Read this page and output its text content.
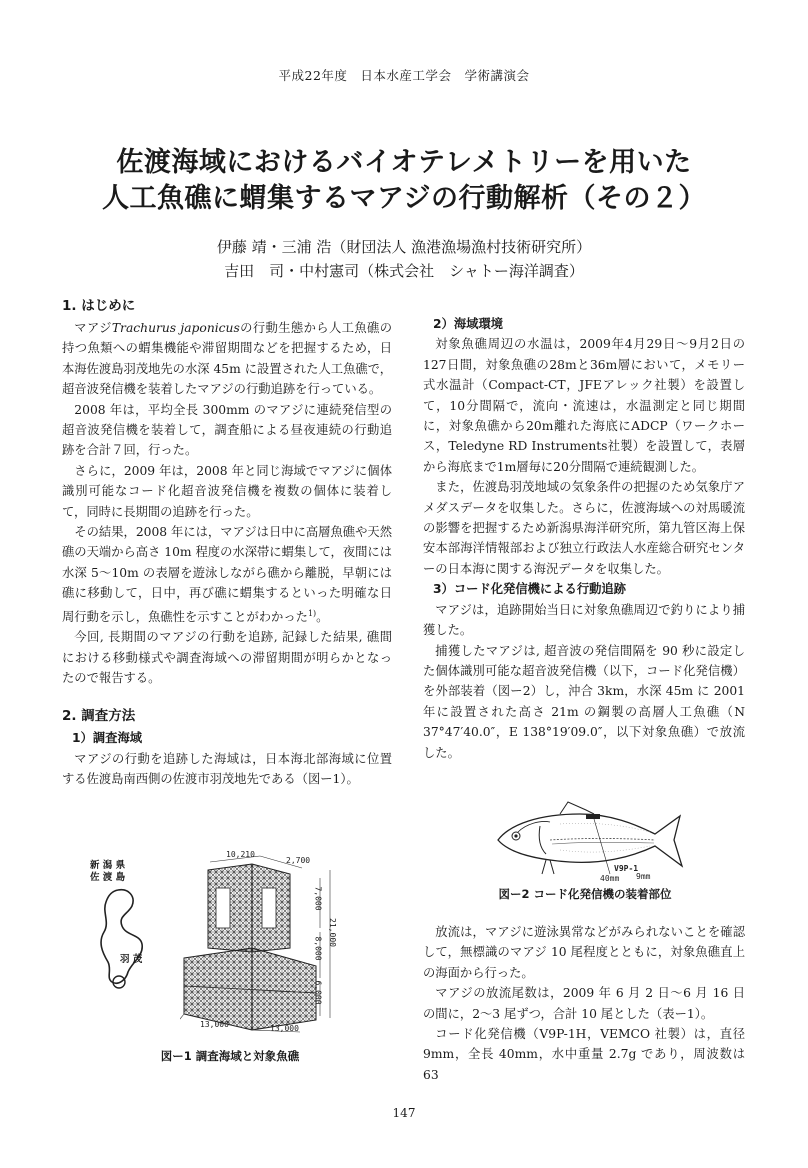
平成22年度　日本水産工学会　学術講演会
佐渡海域におけるバイオテレメトリーを用いた
人工魚礁に蝟集するマアジの行動解析（その２）
伊藤 靖・三浦 浩（財団法人 漁港漁場漁村技術研究所）
吉田　司・中村憲司（株式会社　シャトー海洋調査）
1. はじめに

マアジTrachurus japonicusの行動生態から人工魚礁の持つ魚類への蝟集機能や滞留期間などを把握するため，日本海佐渡島羽茂地先の水深 45m に設置された人工魚礁で，超音波発信機を装着したマアジの行動追跡を行っている。

2008 年は，平均全長 300mm のマアジに連続発信型の超音波発信機を装着して，調査船による昼夜連続の行動追跡を合計７回，行った。

さらに，2009 年は，2008 年と同じ海域でマアジに個体識別可能なコード化超音波発信機を複数の個体に装着して，同時に長期間の追跡を行った。

その結果，2008 年には，マアジは日中に高層魚礁や天然礁の天端から高さ 10m 程度の水深帯に蝟集して，夜間には水深 5〜10m の表層を遊泳しながら礁から離脱，早朝には礁に移動して，日中，再び礁に蝟集するといった明確な日周行動を示し，魚礁性を示すことがわかった$^{1)}$。

今回, 長期間のマアジの行動を追跡, 記録した結果, 礁間における移動様式や調査海域への滞留期間が明らかとなったので報告する。

2. 調査方法
1）調査海域

マアジの行動を追跡した海域は，日本海北部海域に位置する佐渡島南西側の佐渡市羽茂地先である（図ー1）。

新 潟 県
佐 渡 島
羽 茂
10,210
2,700
7,000
8,000
21,000
6,000
13,000	13,000
図ー1 調査海域と対象魚礁
2）海域環境

対象魚礁周辺の水温は，2009年4月29日〜9月2日の127日間，対象魚礁の28mと36m層において，メモリー式水温計（Compact-CT，JFEアレック社製）を設置して，10分間隔で，流向・流速は，水温測定と同じ期間に，対象魚礁から20m離れた海底にADCP（ワークホース，Teledyne RD Instruments社製）を設置して，表層から海底まで1m層毎に20分間隔で連続観測した。

また，佐渡島羽茂地域の気象条件の把握のため気象庁アメダスデータを収集した。さらに，佐渡海域への対馬暖流の影響を把握するため新潟県海洋研究所，第九管区海上保安本部海洋情報部および独立行政法人水産総合研究センターの日本海に関する海況データを収集した。

3）コード化発信機による行動追跡

マアジは，追跡開始当日に対象魚礁周辺で釣りにより捕獲した。

捕獲したマアジは, 超音波の発信間隔を 90 秒に設定した個体識別可能な超音波発信機（以下，コード化発信機）を外部装着（図ー2）し，沖合 3km，水深 45m に 2001 年に設置された高さ 21m の鋼製の高層人工魚礁（N 37°47′40.0″，E 138°19′09.0″，以下対象魚礁）で放流した。

V9P-1
9mm
40mm
図ー2 コード化発信機の装着部位

放流は，マアジに遊泳異常などがみられないことを確認して，無標識のマアジ 10 尾程度とともに，対象魚礁直上の海面から行った。

マアジの放流尾数は，2009 年 6 月 2 日〜6 月 16 日の間に，2〜3 尾ずつ，合計 10 尾とした（表ー1）。

コード化発信機（V9P-1H，VEMCO 社製）は，直径 9mm，全長 40mm，水中重量 2.7g であり，周波数は 63

147
